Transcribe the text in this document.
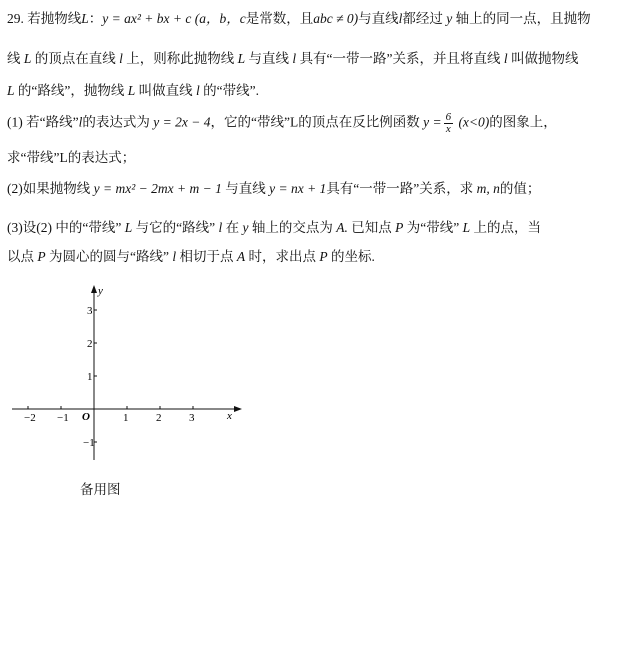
29. 若抛物线L：y = ax² + bx + c (a，b，c是常数，且abc ≠ 0)与直线l都经过 y 轴上的同一点，且抛物
线 L 的顶点在直线 l 上，则称此抛物线 L 与直线 l 具有“一带一路”关系，并且将直线 l 叫做抛物线
L 的“路线”，抛物线 L 叫做直线 l 的“带线”.
(1) 若“路线”l的表达式为 y = 2x − 4，它的“带线”L的顶点在反比例函数 $y = \frac{6}{x} (x<0)$的图象上，
求“带线”L的表达式；
(2)如果抛物线 y = mx² − 2mx + m − 1 与直线 y = nx + 1具有“一带一路”关系，求 m, n的值；
(3)设(2) 中的“带线” L 与它的“路线” l 在 y 轴上的交点为 A. 已知点 P 为“带线” L 上的点，当
以点 P 为圆心的圆与“路线” l 相切于点 A 时，求出点 P 的坐标.
x
y
O
−2 −1	1	2	3
3
2
1
−1
备用图
